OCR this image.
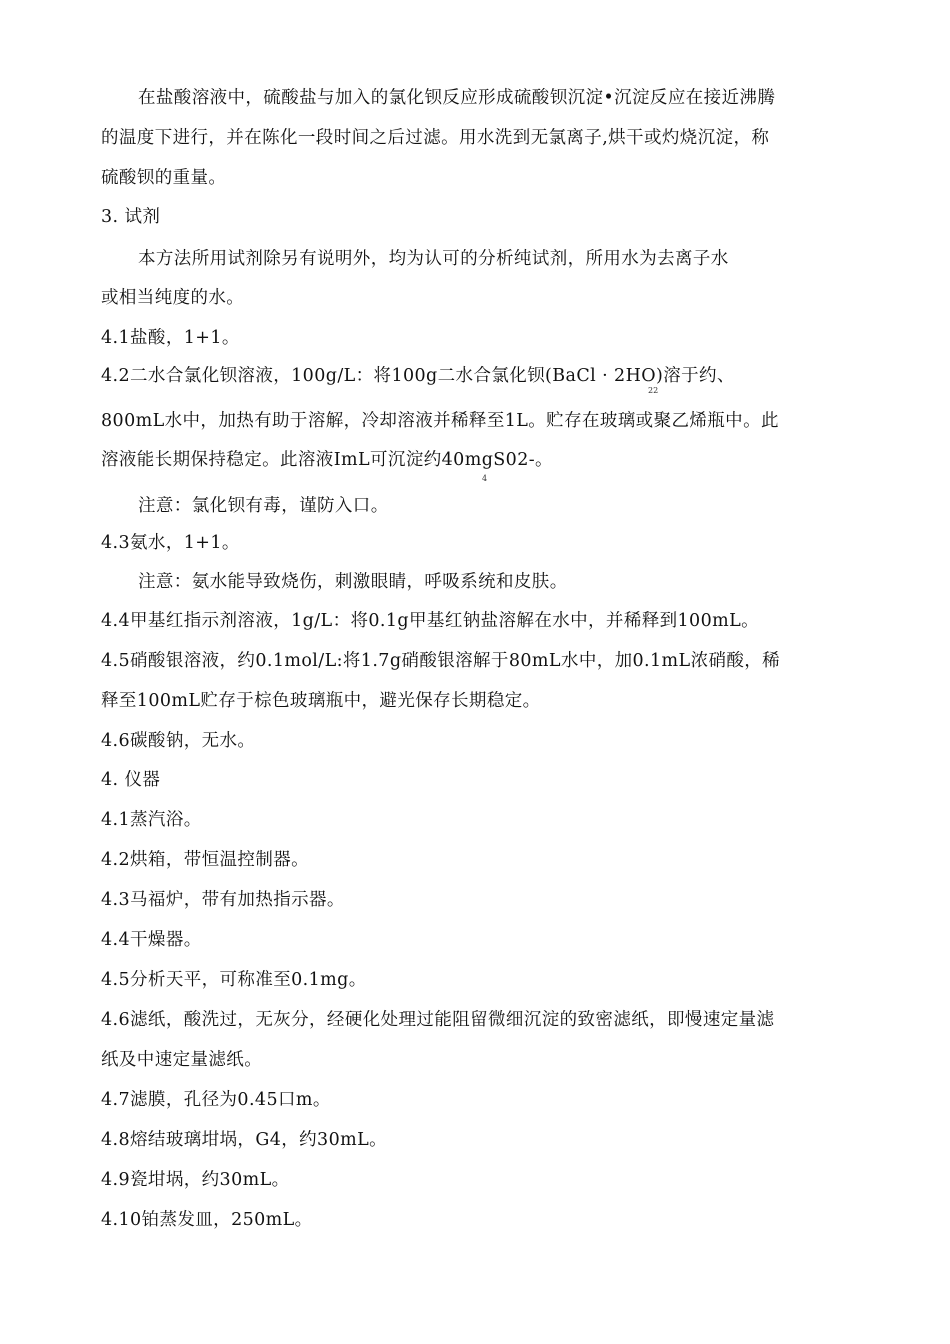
在盐酸溶液中，硫酸盐与加入的氯化钡反应形成硫酸钡沉淀•沉淀反应在接近沸腾
的温度下进行，并在陈化一段时间之后过滤。用水洗到无氯离子,烘干或灼烧沉淀，称
硫酸钡的重量。
3. 试剂
本方法所用试剂除另有说明外，均为认可的分析纯试剂，所用水为去离子水
或相当纯度的水。
4.1盐酸，1+1。
4.2二水合氯化钡溶液，100g/L：将100g二水合氯化钡(BaCl · 2HO)溶于约、
22
800mL水中，加热有助于溶解，冷却溶液并稀释至1L。贮存在玻璃或聚乙烯瓶中。此
溶液能长期保持稳定。此溶液ImL可沉淀约40mgS02-。
4
注意：氯化钡有毒，谨防入口。
4.3氨水，1+1。
注意：氨水能导致烧伤，刺激眼睛，呼吸系统和皮肤。
4.4甲基红指示剂溶液，1g/L：将0.1g甲基红钠盐溶解在水中，并稀释到100mL。
4.5硝酸银溶液，约0.1mol/L:将1.7g硝酸银溶解于80mL水中，加0.1mL浓硝酸，稀
释至100mL贮存于棕色玻璃瓶中，避光保存长期稳定。
4.6碳酸钠，无水。
4. 仪器
4.1蒸汽浴。
4.2烘箱，带恒温控制器。
4.3马福炉，带有加热指示器。
4.4干燥器。
4.5分析天平，可称准至0.1mg。
4.6滤纸，酸洗过，无灰分，经硬化处理过能阻留微细沉淀的致密滤纸，即慢速定量滤
纸及中速定量滤纸。
4.7滤膜，孔径为0.45口m。
4.8熔结玻璃坩埚，G4，约30mL。
4.9瓷坩埚，约30mL。
4.10铂蒸发皿，250mL。
